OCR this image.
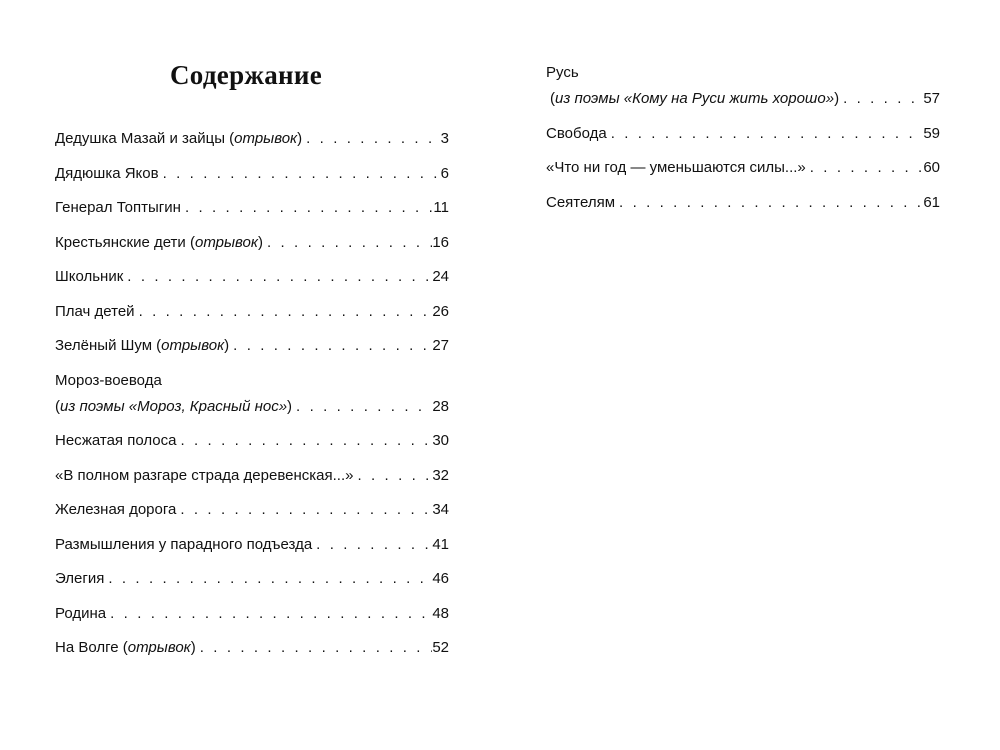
Содержание
Дедушка Мазай и зайцы (отрывок) . . .	3
Дядюшка Яков . . .	6
Генерал Топтыгин . . .	11
Крестьянские дети (отрывок) . . .	16
Школьник . . .	24
Плач детей . . .	26
Зелёный Шум (отрывок) . . .	27
Мороз-воевода
(из поэмы «Мороз, Красный нос») . . .	28
Несжатая полоса . . .	30
«В полном разгаре страда деревенская...» . . .	32
Железная дорога . . .	34
Размышления у парадного подъезда . . .	41
Элегия . . .	46
Родина . . .	48
На Волге (отрывок) . . .	52
Русь
(из поэмы «Кому на Руси жить хорошо») . . .	57
Свобода . . .	59
«Что ни год — уменьшаются силы...» . . .	60
Сеятелям . . .	61
